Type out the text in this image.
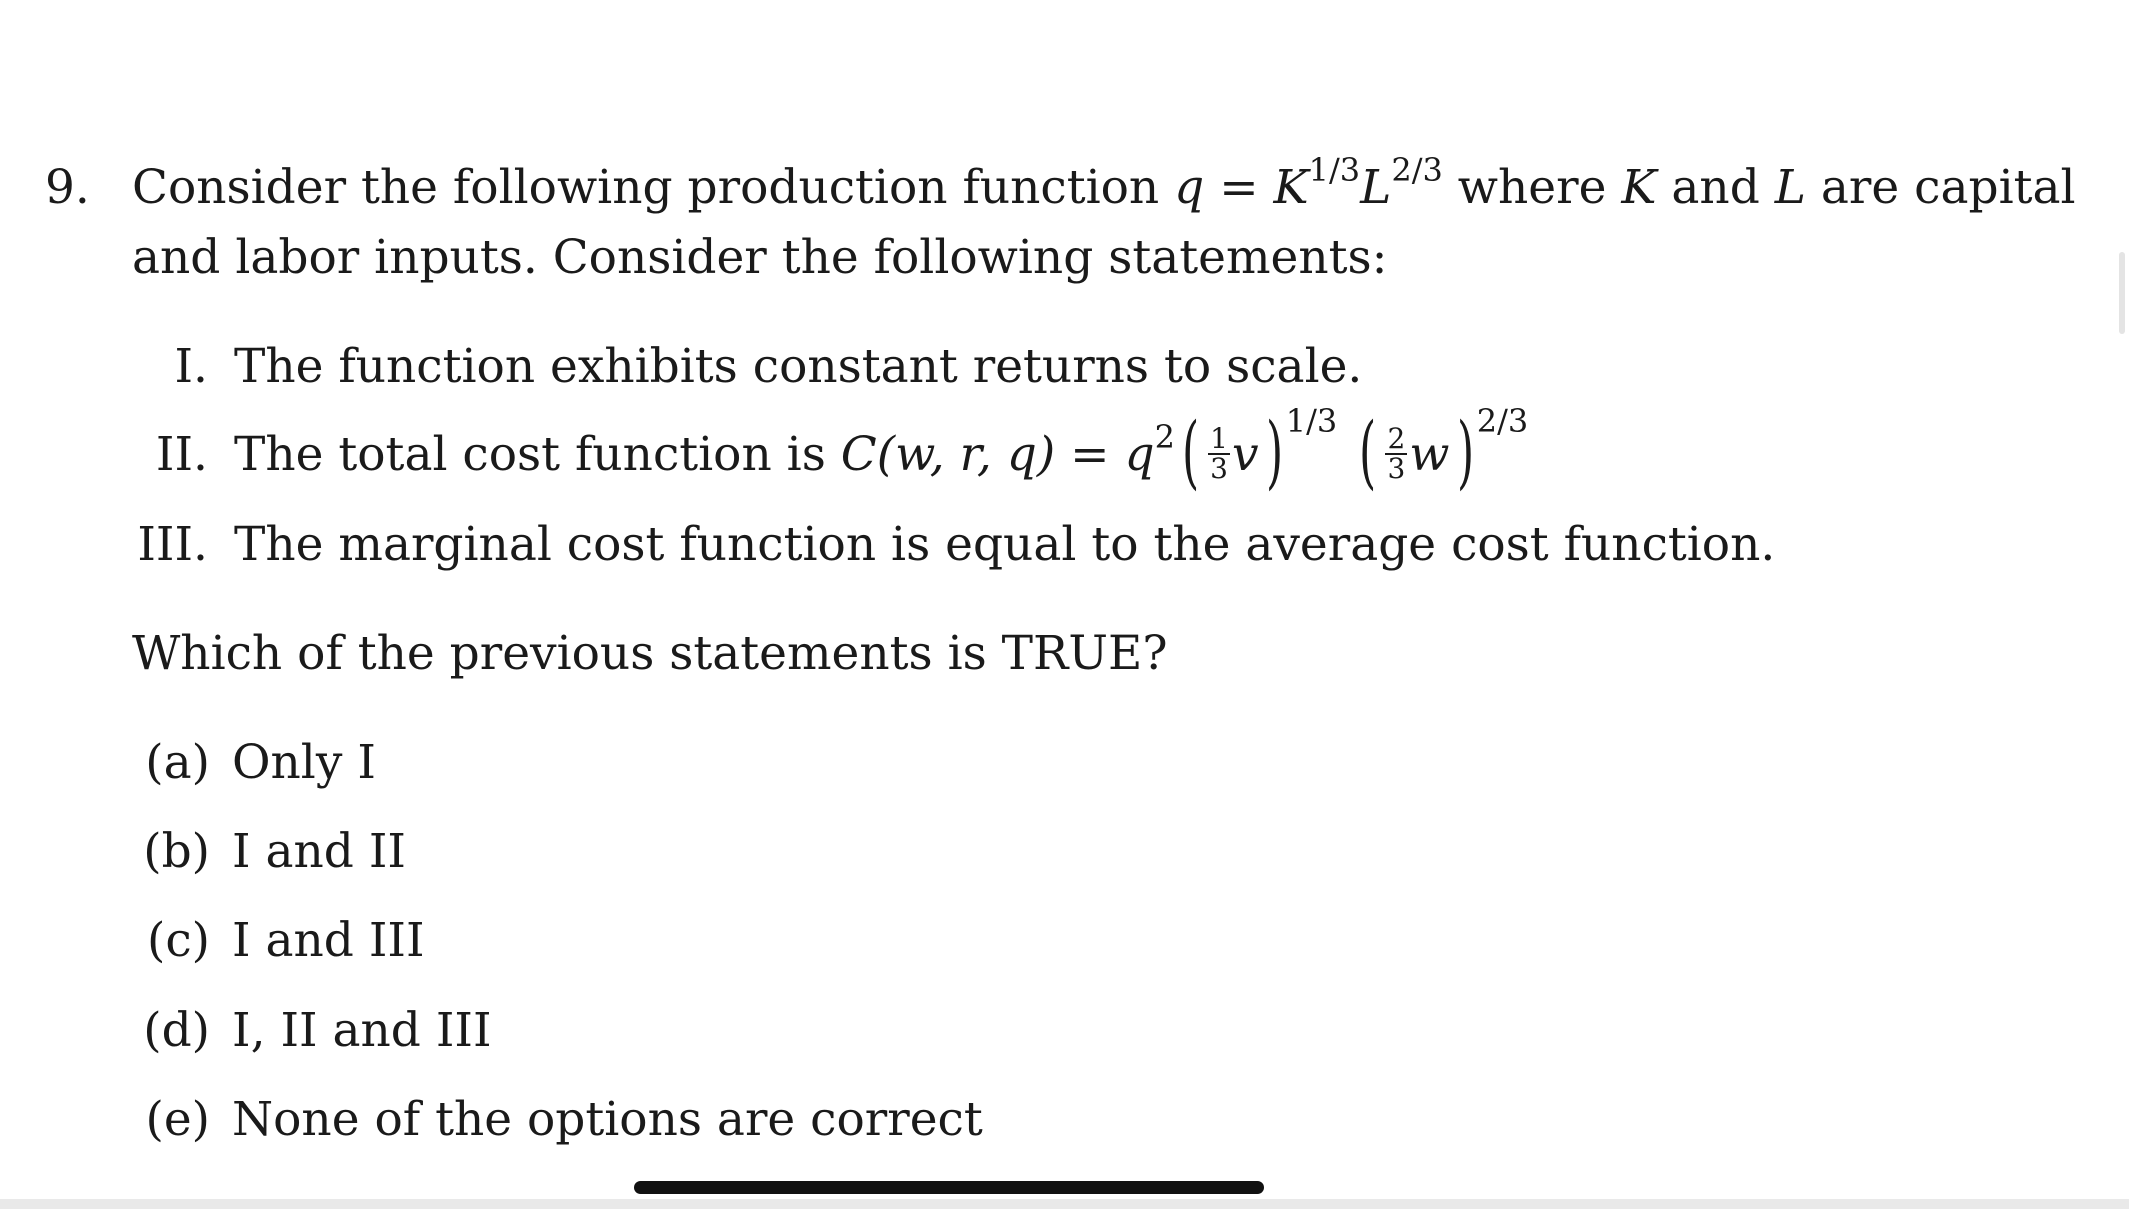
9. Consider the following production function $q = K^{1/3}L^{2/3}$ where K and L are capital
and labor inputs. Consider the following statements:
I. The function exhibits constant returns to scale.
II. The total cost function is C(w, r, $q) = q^2( \frac{1}{3} v)^{1/3}$ ( $\frac{2}{3} w)^{2/3}$
III. The marginal cost function is equal to the average cost function.
Which of the previous statements is TRUE?
(a) Only I
(b) I and II
(c) I and III
(d) I, II and III
(e) None of the options are correct
